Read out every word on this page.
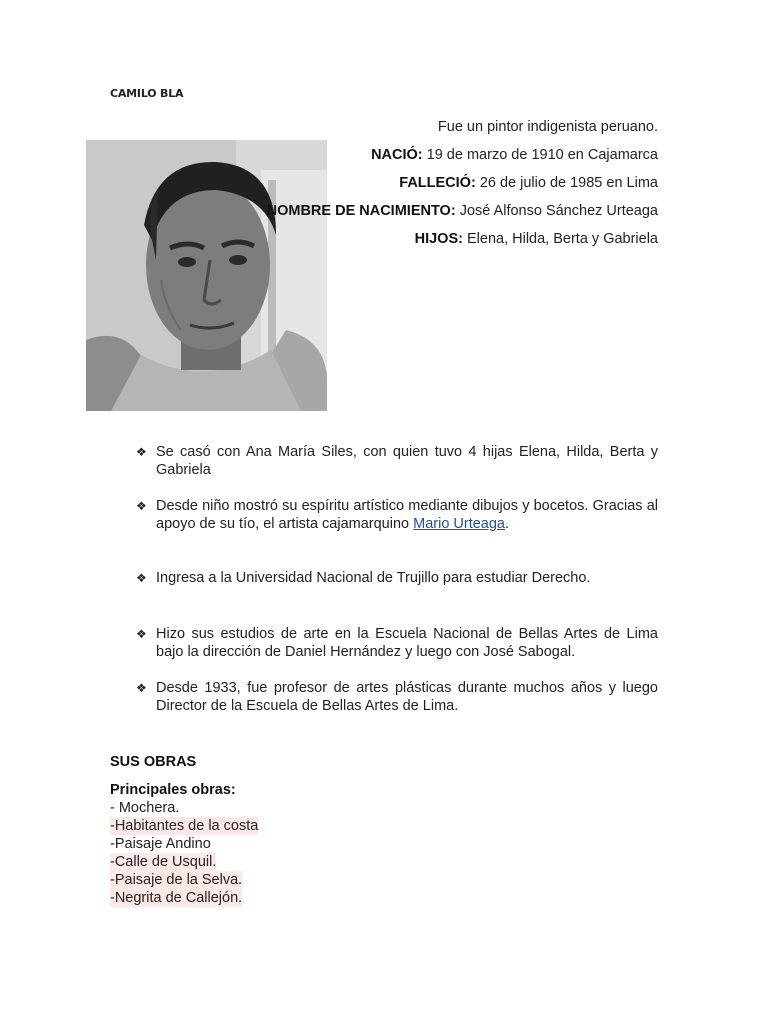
CAMILO BLA
Fue un pintor indigenista peruano.
NACIÓ: 19 de marzo de 1910 en Cajamarca
FALLECIÓ: 26 de julio de 1985 en Lima
NOMBRE DE NACIMIENTO: José Alfonso Sánchez Urteaga
HIJOS: Elena, Hilda, Berta y Gabriela
❖ Se casó con Ana María Siles, con quien tuvo 4 hijas Elena, Hilda, Berta y Gabriela
❖ Desde niño mostró su espíritu artístico mediante dibujos y bocetos. Gracias al apoyo de su tío, el artista cajamarquino Mario Urteaga.
❖ Ingresa a la Universidad Nacional de Trujillo para estudiar Derecho.
❖ Hizo sus estudios de arte en la Escuela Nacional de Bellas Artes de Lima bajo la dirección de Daniel Hernández y luego con José Sabogal.
❖ Desde 1933, fue profesor de artes plásticas durante muchos años y luego Director de la Escuela de Bellas Artes de Lima.
SUS OBRAS
Principales obras:
- Mochera.
-Habitantes de la costa
-Paisaje Andino
-Calle de Usquil.
-Paisaje de la Selva.
-Negrita de Callejón.
